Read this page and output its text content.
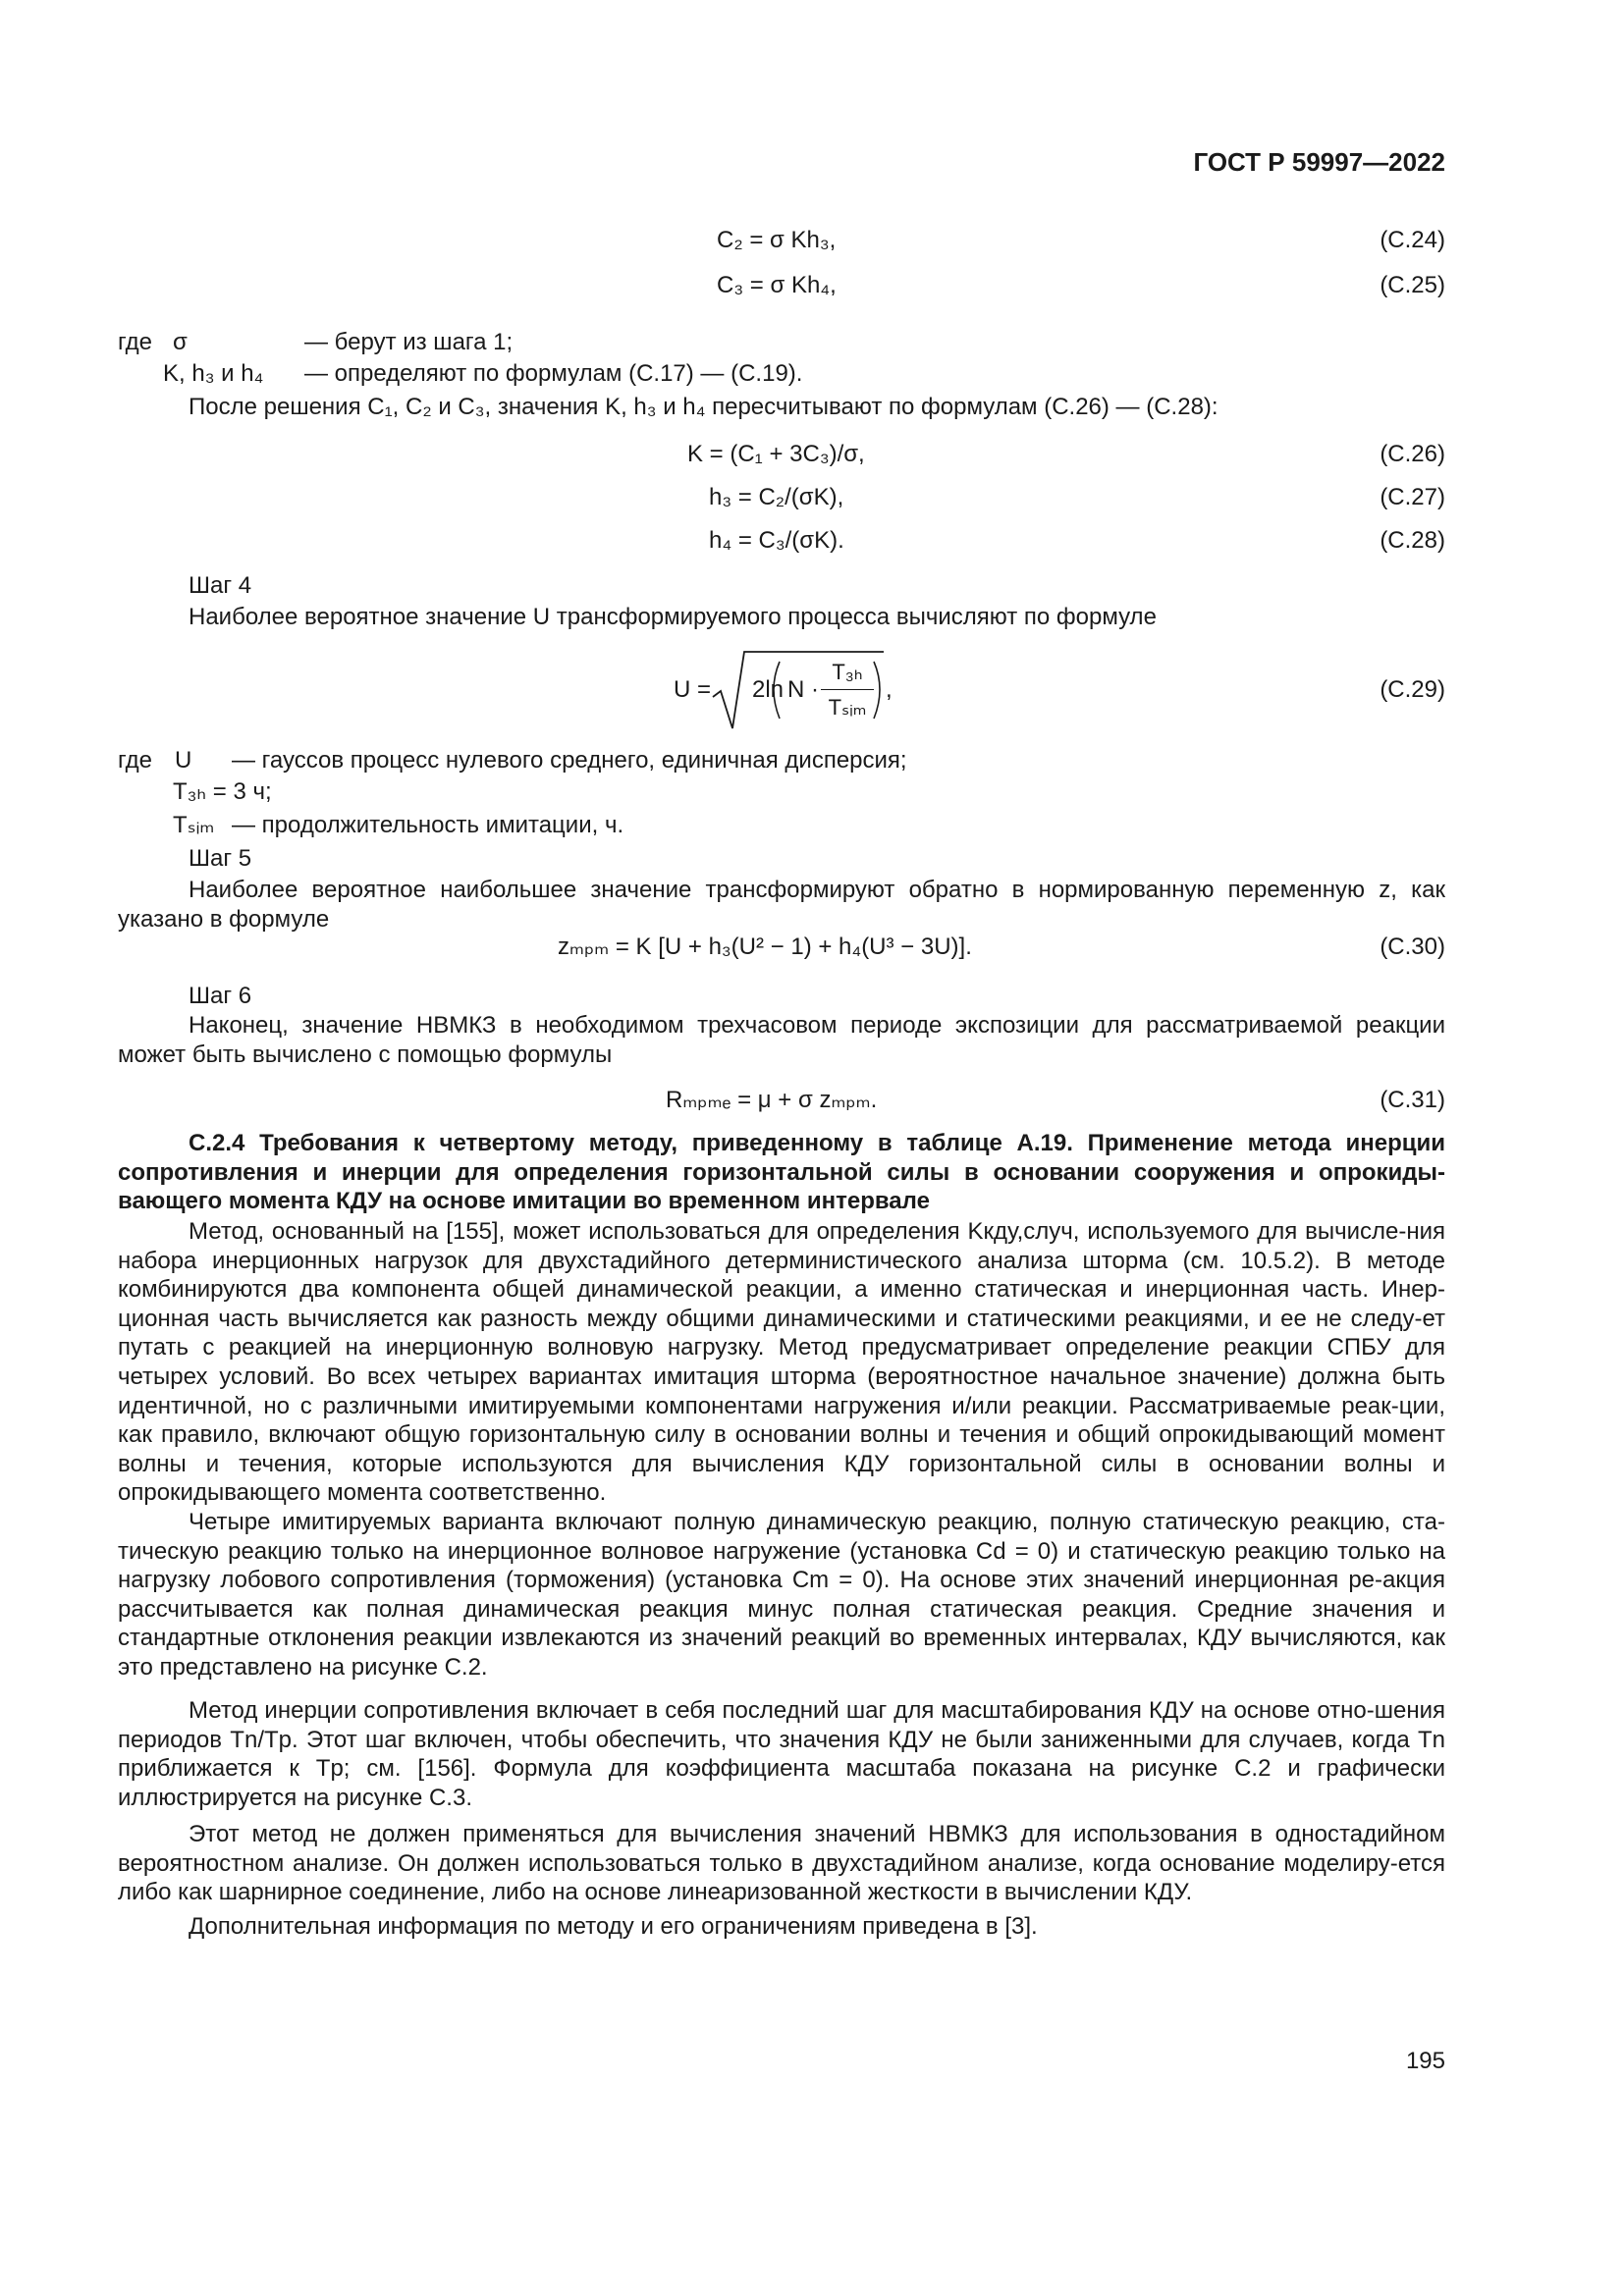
ГОСТ Р 59997—2022
C₂ = σ Kh₃,	(C.24)
C₃ = σ Kh₄,	(C.25)
где σ	— берут из шага 1;
K, h₃ и h₄ — определяют по формулам (С.17) — (С.19).
После решения C₁, C₂ и C₃, значения K, h₃ и h₄ пересчитывают по формулам (С.26) — (С.28):
K = (C₁ + 3C₃)/σ,	(C.26)
h₃ = C₂/(σK),	(C.27)
h₄ = C₃/(σK).	(C.28)
Шаг 4
Наиболее вероятное значение U трансформируемого процесса вычисляют по формуле
U = 2ln N ·
T₃ₕ
Tₛᵢₘ
,	(C.29)
где U — гауссов процесс нулевого среднего, единичная дисперсия;
T₃ₕ = 3 ч;
Tₛᵢₘ — продолжительность имитации, ч.
Шаг 5
Наиболее вероятное наибольшее значение трансформируют обратно в нормированную переменную z, как указано в формуле
zₘₚₘ = K [U + h₃(U² − 1) + h₄(U³ − 3U)].	(C.30)
Шаг 6
Наконец, значение НВМКЗ в необходимом трехчасовом периоде экспозиции для рассматриваемой реакции может быть вычислено с помощью формулы
Rₘₚₘₑ = μ + σ zₘₚₘ.	(C.31)
С.2.4 Требования к четвертому методу, приведенному в таблице А.19. Применение метода инерции сопротивления и инерции для определения горизонтальной силы в основании сооружения и опрокиды-вающего момента КДУ на основе имитации во временном интервале
Метод, основанный на [155], может использоваться для определения Kкду,случ, используемого для вычисле-ния набора инерционных нагрузок для двухстадийного детерминистического анализа шторма (см. 10.5.2). В методе комбинируются два компонента общей динамической реакции, а именно статическая и инерционная часть. Инер-ционная часть вычисляется как разность между общими динамическими и статическими реакциями, и ее не следу-ет путать с реакцией на инерционную волновую нагрузку. Метод предусматривает определение реакции СПБУ для четырех условий. Во всех четырех вариантах имитация шторма (вероятностное начальное значение) должна быть идентичной, но с различными имитируемыми компонентами нагружения и/или реакции. Рассматриваемые реак-ции, как правило, включают общую горизонтальную силу в основании волны и течения и общий опрокидывающий момент волны и течения, которые используются для вычисления КДУ горизонтальной силы в основании волны и опрокидывающего момента соответственно.
Четыре имитируемых варианта включают полную динамическую реакцию, полную статическую реакцию, ста-тическую реакцию только на инерционное волновое нагружение (установка Cd = 0) и статическую реакцию только на нагрузку лобового сопротивления (торможения) (установка Cm = 0). На основе этих значений инерционная ре-акция рассчитывается как полная динамическая реакция минус полная статическая реакция. Средние значения и стандартные отклонения реакции извлекаются из значений реакций во временных интервалах, КДУ вычисляются, как это представлено на рисунке С.2.
Метод инерции сопротивления включает в себя последний шаг для масштабирования КДУ на основе отно-шения периодов Tn/Tp. Этот шаг включен, чтобы обеспечить, что значения КДУ не были заниженными для случаев, когда Tn приближается к Tp; см. [156]. Формула для коэффициента масштаба показана на рисунке С.2 и графически иллюстрируется на рисунке С.3.
Этот метод не должен применяться для вычисления значений НВМКЗ для использования в одностадийном вероятностном анализе. Он должен использоваться только в двухстадийном анализе, когда основание моделиру-ется либо как шарнирное соединение, либо на основе линеаризованной жесткости в вычислении КДУ.
Дополнительная информация по методу и его ограничениям приведена в [3].
195
